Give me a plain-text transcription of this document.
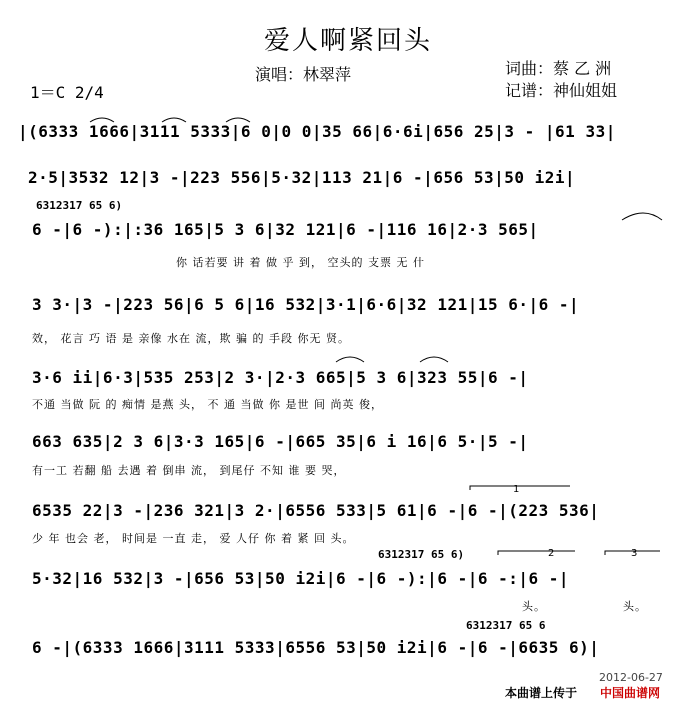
爱人啊紧回头
演唱：林翠萍
1＝C 2/4
词曲：蔡 乙 洲
记谱：神仙姐姐
|(6333 1666|3111 5333|6 0|0 0|35 66|6·6i|656 25|3 - |61 33|
2·5|3532 12|3 -|223 556|5·32|113 21|6 -|656 53|50 i2i|
6312317 65 6)
6 -|6 -):|:36 165|5 3 6|32 121|6 -|116 16|2·3 565|
你 话若要 讲 着 做 乎 到， 空头的 支票 无 什
3 3·|3 -|223 56|6 5 6|16 532|3·1|6·6|32 121|15 6·|6 -|
效， 花言 巧 语 是 亲像 水在 流，欺 骗 的 手段 你无 贤。
3·6 ii|6·3|535 253|2 3·|2·3 665|5 3 6|323 55|6 -|
不通 当做 阮 的 痴情 是燕 头， 不 通 当做 你 是世 间 尚英 俊，
663 635|2 3 6|3·3 165|6 -|665 35|6 i 16|6 5·|5 -|
有一工 若翻 船 去遇 着 倒串 流， 到尾仔 不知 谁 要 哭，
6535 22|3 -|236 321|3 2·|6556 533|5 61|6 -|6 -|(223 536|
少 年 也会 老， 时间是 一直 走， 爱 人仔 你 着 紧 回 头。
6312317 65 6)
5·32|16 532|3 -|656 53|50 i2i|6 -|6 -):|6 -|6 -:|6 -|
头。	头。
6312317 65 6
6 -|(6333 1666|3111 5333|6556 53|50 i2i|6 -|6 -|6635 6)|
1
2	3
2012-06-27
本曲谱上传于 中国曲谱网
